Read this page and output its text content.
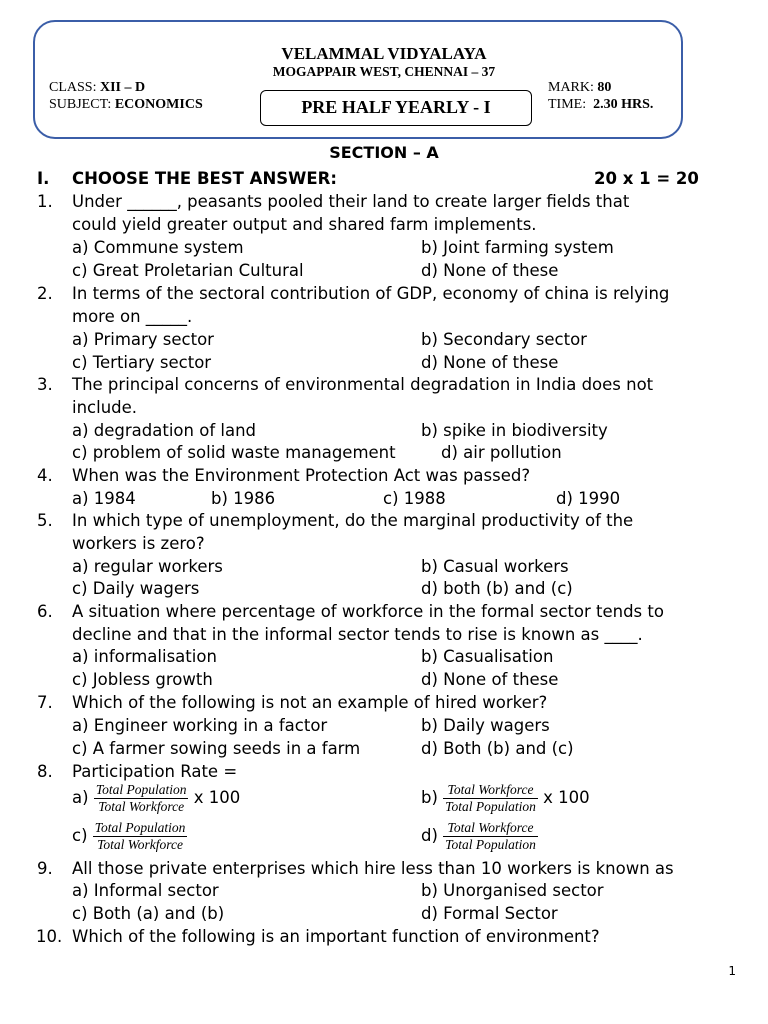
VELAMMAL VIDYALAYA
MOGAPPAIR WEST, CHENNAI – 37
CLASS: XII – D
SUBJECT: ECONOMICS
MARK: 80
TIME: 2.30 HRS.
PRE HALF YEARLY - I
SECTION – A
I. CHOOSE THE BEST ANSWER:	20 x 1 = 20
1. Under ______, peasants pooled their land to create larger fields that
could yield greater output and shared farm implements.
a) Commune system	b) Joint farming system
c) Great Proletarian Cultural	d) None of these
2. In terms of the sectoral contribution of GDP, economy of china is relying
more on _____.
a) Primary sector	b) Secondary sector
c) Tertiary sector	d) None of these
3. The principal concerns of environmental degradation in India does not
include.
a) degradation of land	b) spike in biodiversity
c) problem of solid waste management	d) air pollution
4. When was the Environment Protection Act was passed?
a) 1984	b) 1986	c) 1988	d) 1990
5. In which type of unemployment, do the marginal productivity of the
workers is zero?
a) regular workers	b) Casual workers
c) Daily wagers	d) both (b) and (c)
6. A situation where percentage of workforce in the formal sector tends to
decline and that in the informal sector tends to rise is known as ____.
a) informalisation	b) Casualisation
c) Jobless growth	d) None of these
7. Which of the following is not an example of hired worker?
a) Engineer working in a factor	b) Daily wagers
c) A farmer sowing seeds in a farm	d) Both (b) and (c)
8. Participation Rate =
$a) \frac{\text{Total Population}}{\text{Total Workforce}}$ x 100	$b) \frac{\text{Total Workforce}}{\text{Total Population}}$ x 100
$c) \frac{\text{Total Population}}{\text{Total Workforce}}$	$d) \frac{\text{Total Workforce}}{\text{Total Population}}$
9. All those private enterprises which hire less than 10 workers is known as
a) Informal sector	b) Unorganised sector
c) Both (a) and (b)	d) Formal Sector
10. Which of the following is an important function of environment?
1
